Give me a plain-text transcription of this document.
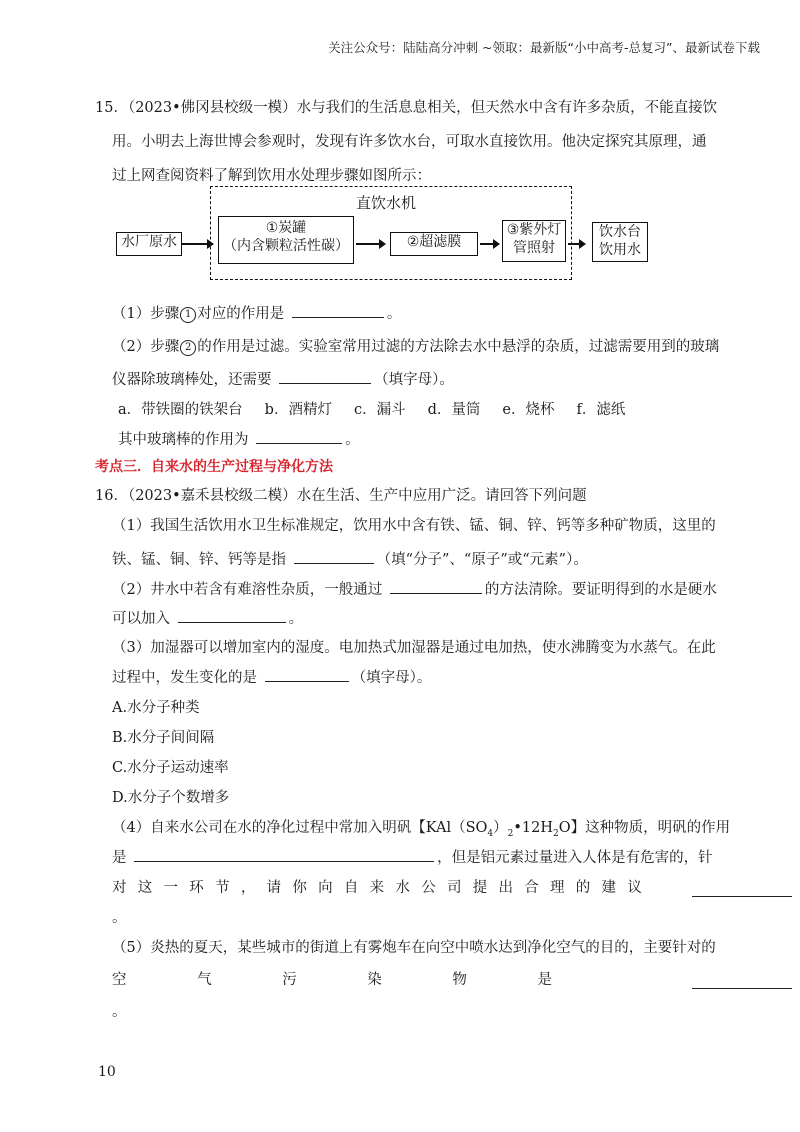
关注公众号：陆陆高分冲刺 ~领取：最新版“小中高考-总复习”、最新试卷下载
15．（2023•佛冈县校级一模）水与我们的生活息息相关，但天然水中含有许多杂质，不能直接饮
用。小明去上海世博会参观时，发现有许多饮水台，可取水直接饮用。他决定探究其原理，通
过上网查阅资料了解到饮用水处理步骤如图所示：
直饮水机
水厂原水
①炭罐
（内含颗粒活性碳）	②超滤膜
③紫外灯
管照射
饮水台
饮用水
（1）步骤 1 对应的作用是	。
（2）步骤 2 的作用是过滤。实验室常用过滤的方法除去水中悬浮的杂质，过滤需要用到的玻璃
仪器除玻璃棒处，还需要	（填字母）。
a．带铁圈的铁架台 b．酒精灯 c．漏斗 d．量筒 e．烧杯 f．滤纸
其中玻璃棒的作用为	。
考点三．自来水的生产过程与净化方法
16．（2023•嘉禾县校级二模）水在生活、生产中应用广泛。请回答下列问题
（1）我国生活饮用水卫生标准规定，饮用水中含有铁、锰、铜、锌、钙等多种矿物质，这里的
铁、锰、铜、锌、钙等是指	（填“分子”、“原子”或“元素”）。
（2）井水中若含有难溶性杂质，一般通过	的方法清除。要证明得到的水是硬水
可以加入	。
（3）加湿器可以增加室内的湿度。电加热式加湿器是通过电加热，使水沸腾变为水蒸气。在此
过程中，发生变化的是	（填字母）。
A.水分子种类
B.水分子间间隔
C.水分子运动速率
D.水分子个数增多
（4）自来水公司在水的净化过程中常加入明矾【$KAl(SO_4)_2•12H_2O$】这种物质，明矾的作用
是	，但是铝元素过量进入人体是有危害的，针
对 这 一 环 节 ， 请 你 向 自 来 水 公 司 提 出 合 理 的 建 议
。
（5）炎热的夏天，某些城市的街道上有雾炮车在向空中喷水达到净化空气的目的，主要针对的
空	气	污	染	物	是
。
10
